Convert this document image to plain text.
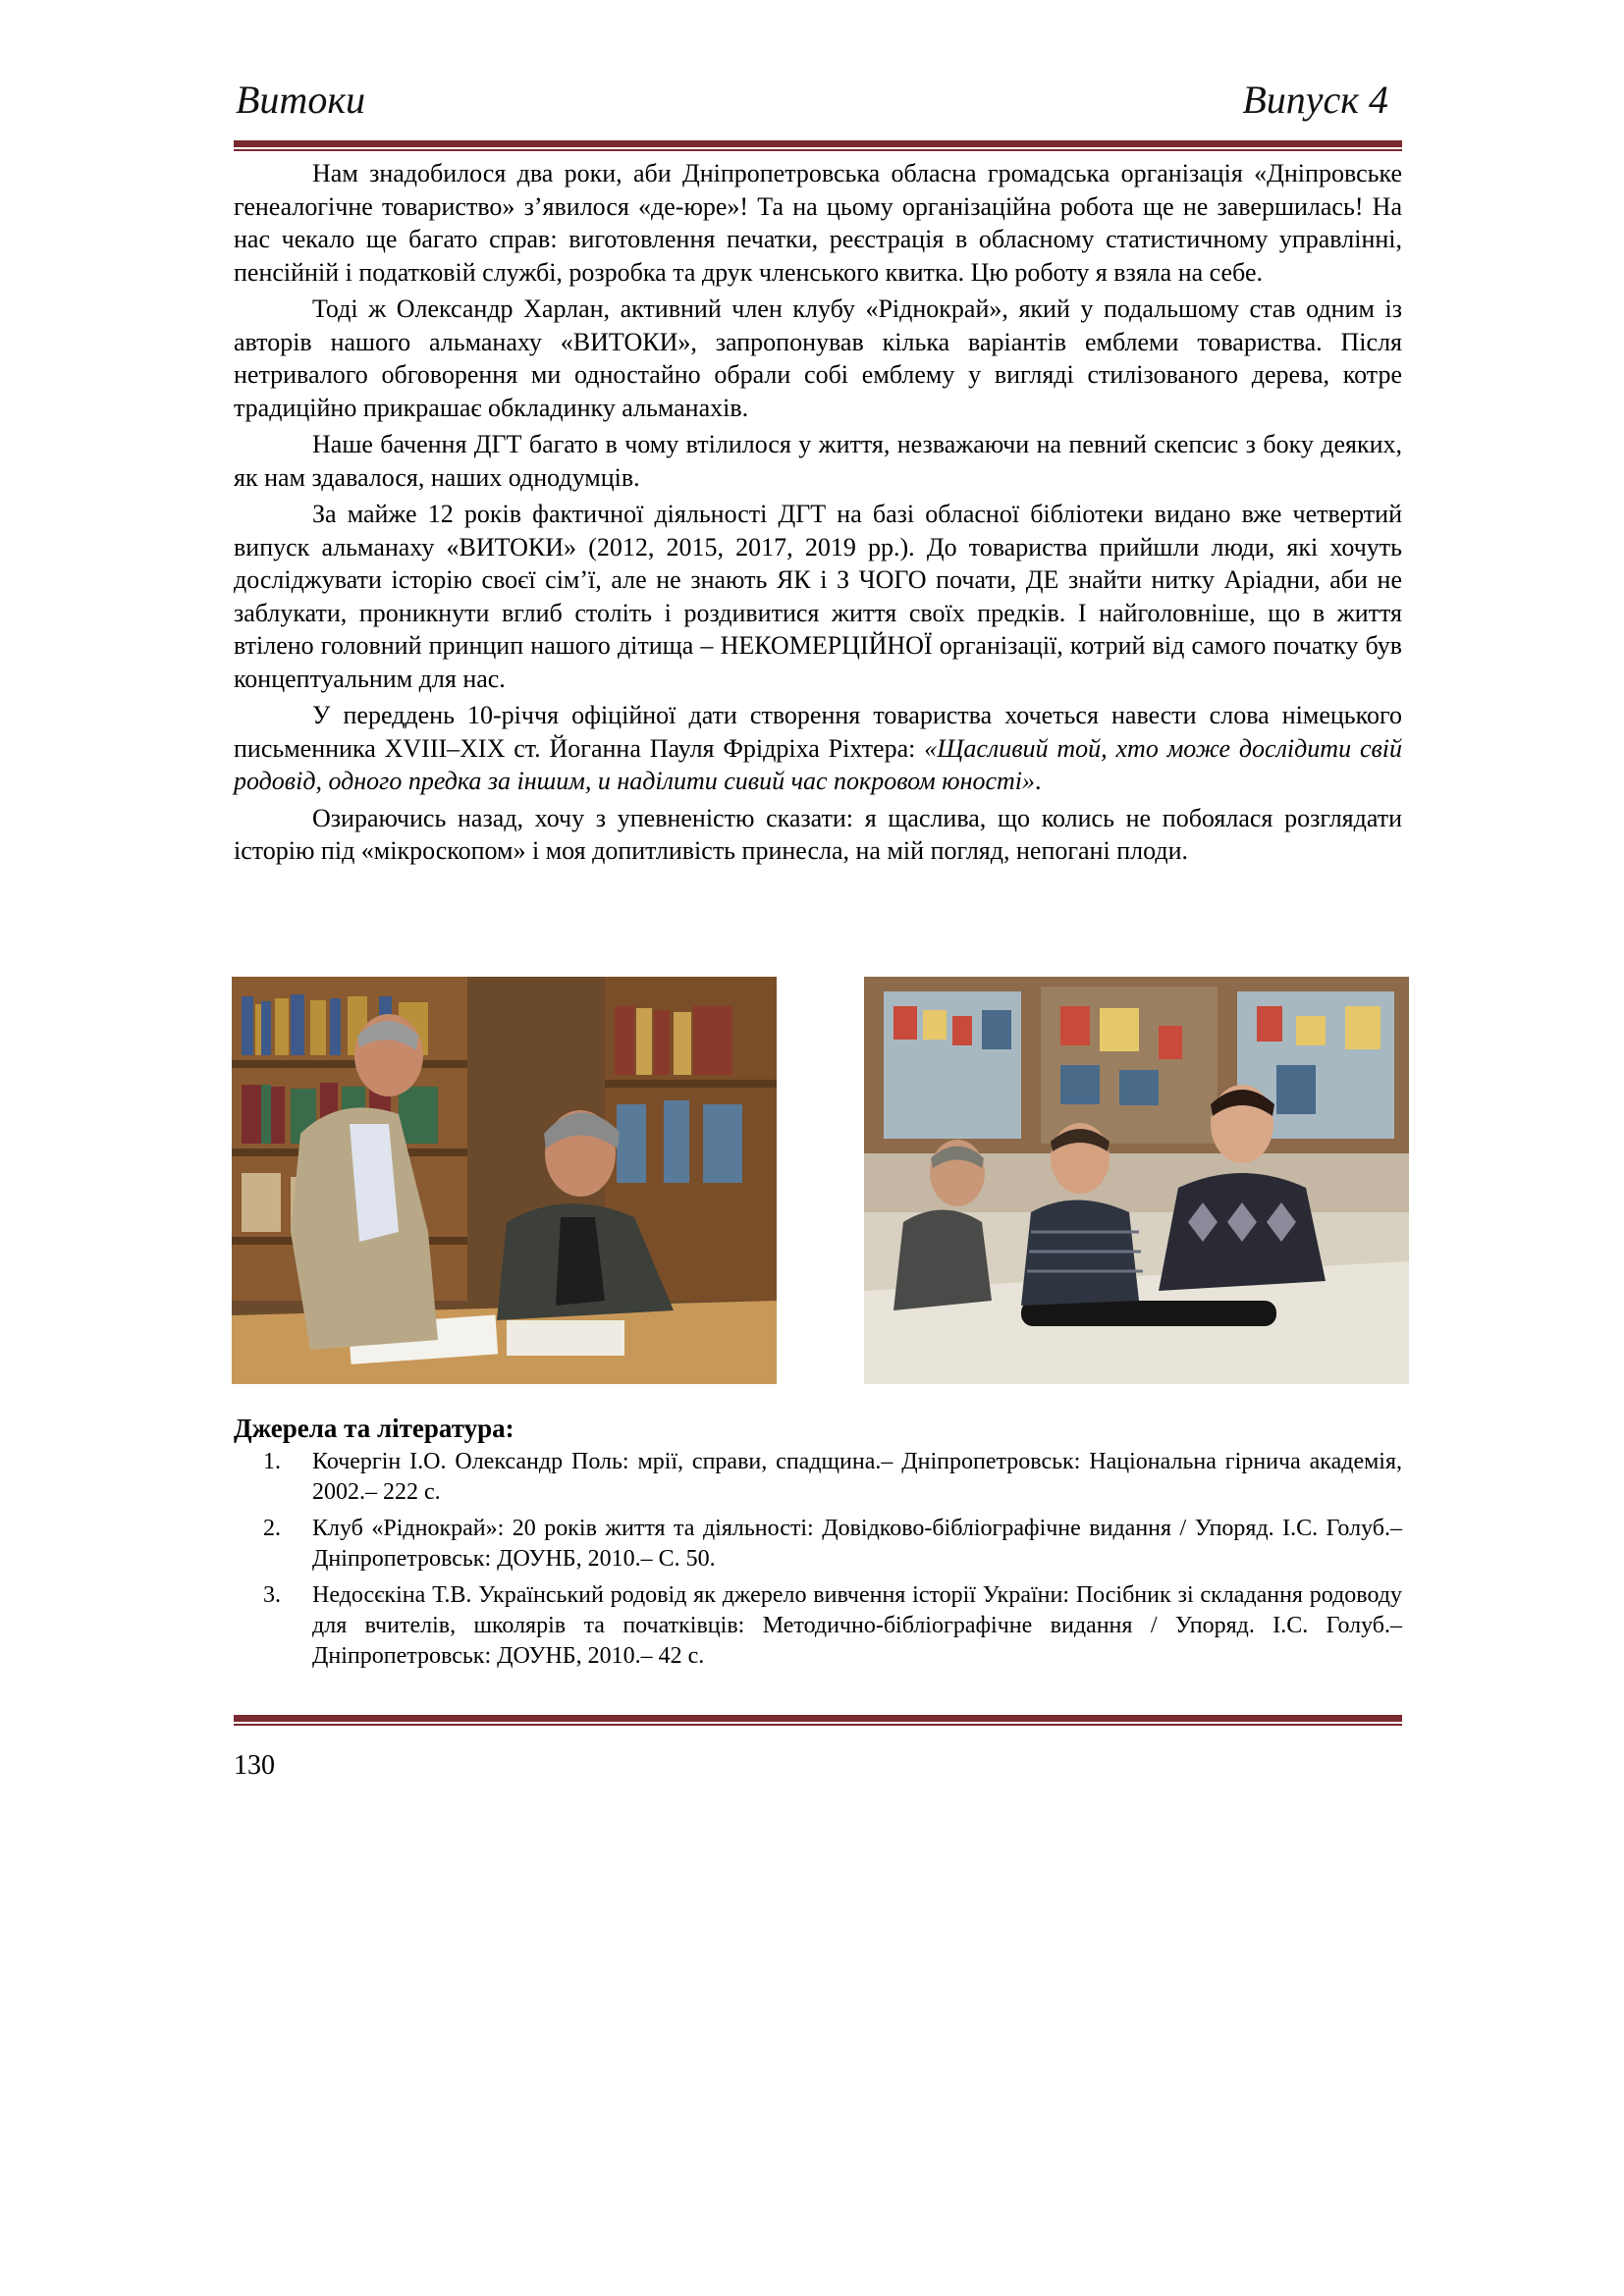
Витоки	Випуск 4

Нам знадобилося два роки, аби Дніпропетровська обласна громадська організація «Дніпровське генеалогічне товариство» з’явилося «де-юре»! Та на цьому організаційна робота ще не завершилась! На нас чекало ще багато справ: виготовлення печатки, реєстрація в обласному статистичному управлінні, пенсійній і податковій службі, розробка та друк членського квитка. Цю роботу я взяла на себе.

Тоді ж Олександр Харлан, активний член клубу «Ріднокрай», який у подальшому став одним із авторів нашого альманаху «ВИТОКИ», запропонував кілька варіантів емблеми товариства. Після нетривалого обговорення ми одностайно обрали собі емблему у вигляді стилізованого дерева, котре традиційно прикрашає обкладинку альманахів.

Наше бачення ДГТ багато в чому втілилося у життя, незважаючи на певний скепсис з боку деяких, як нам здавалося, наших однодумців.

За майже 12 років фактичної діяльності ДГТ на базі обласної бібліотеки видано вже четвертий випуск альманаху «ВИТОКИ» (2012, 2015, 2017, 2019 рр.). До товариства прийшли люди, які хочуть досліджувати історію своєї сім’ї, але не знають ЯК і З ЧОГО почати, ДЕ знайти нитку Аріадни, аби не заблукати, проникнути вглиб століть і роздивитися життя своїх предків. І найголовніше, що в життя втілено головний принцип нашого дітища – НЕКОМЕРЦІЙНОЇ організації, котрий від самого початку був концептуальним для нас.

У переддень 10-річчя офіційної дати створення товариства хочеться навести слова німецького письменника XVIII–XIX ст. Йоганна Пауля Фрідріха Ріхтера: «Щасливий той, хто може дослідити свій родовід, одного предка за іншим, и наділити сивий час покровом юності».

Озираючись назад, хочу з упевненістю сказати: я щаслива, що колись не побоялася розглядати історію під «мікроскопом» і моя допитливість принесла, на мій погляд, непогані плоди.

Джерела та література:
1. Кочергін І.О. Олександр Поль: мрії, справи, спадщина.– Дніпропетровськ: Національна гірнича академія, 2002.– 222 с.
2. Клуб «Ріднокрай»: 20 років життя та діяльності: Довідково-бібліографічне видання / Упоряд. І.С. Голуб.– Дніпропетровськ: ДОУНБ, 2010.– С. 50.
3. Недосєкіна Т.В. Український родовід як джерело вивчення історії України: Посібник зі складання родоводу для вчителів, школярів та початківців: Методично-бібліографічне видання / Упоряд. І.С. Голуб.– Дніпропетровськ: ДОУНБ, 2010.– 42 с.
130
